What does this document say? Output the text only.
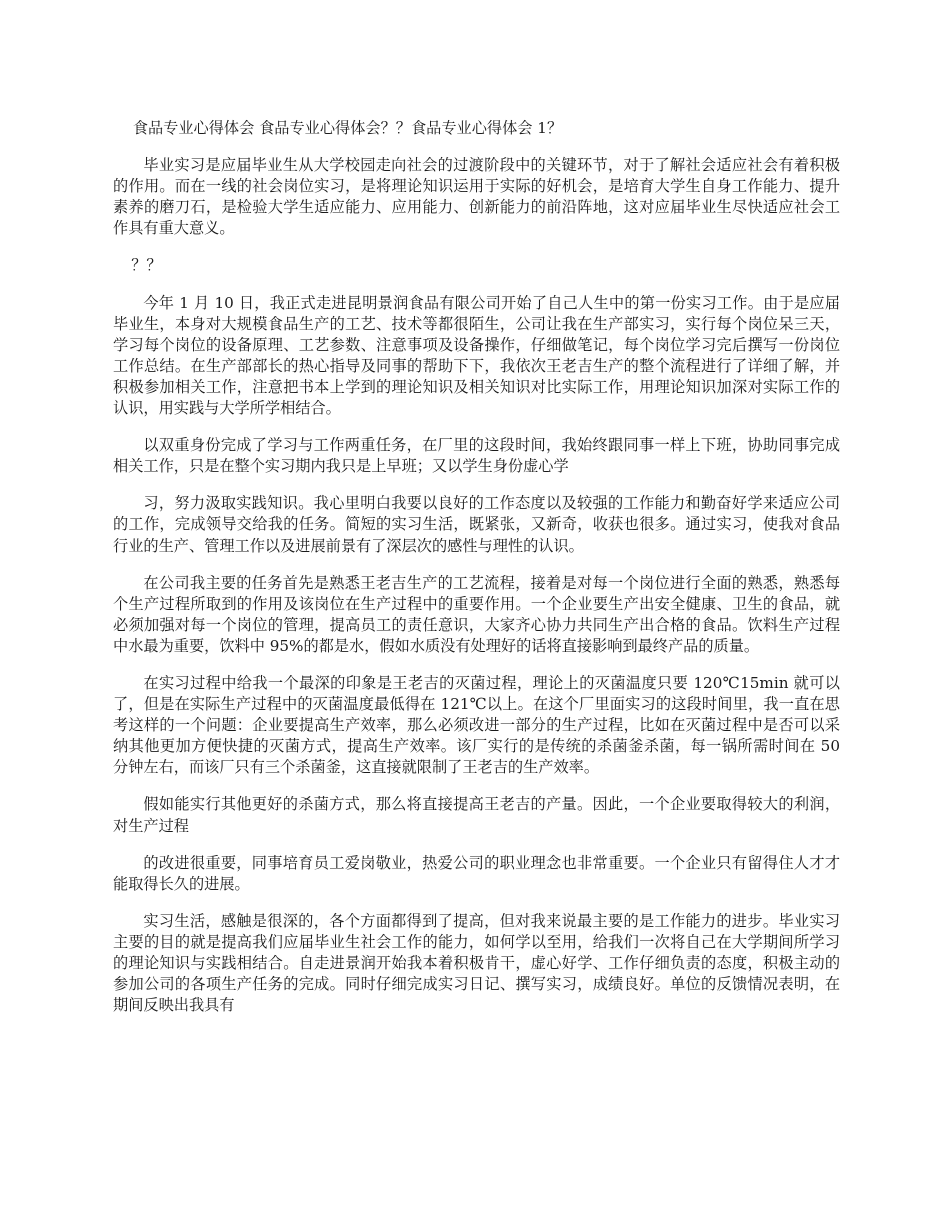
食品专业心得体会 食品专业心得体会？？食品专业心得体会 1？

毕业实习是应届毕业生从大学校园走向社会的过渡阶段中的关键环节，对于了解社会适应社会有着积极的作用。而在一线的社会岗位实习，是将理论知识运用于实际的好机会，是培育大学生自身工作能力、提升素养的磨刀石，是检验大学生适应能力、应用能力、创新能力的前沿阵地，这对应届毕业生尽快适应社会工作具有重大意义。

？？

今年 1 月 10 日，我正式走进昆明景润食品有限公司开始了自己人生中的第一份实习工作。由于是应届毕业生，本身对大规模食品生产的工艺、技术等都很陌生，公司让我在生产部实习，实行每个岗位呆三天，学习每个岗位的设备原理、工艺参数、注意事项及设备操作，仔细做笔记，每个岗位学习完后撰写一份岗位工作总结。在生产部部长的热心指导及同事的帮助下下，我依次王老吉生产的整个流程进行了详细了解，并积极参加相关工作，注意把书本上学到的理论知识及相关知识对比实际工作，用理论知识加深对实际工作的认识，用实践与大学所学相结合。

以双重身份完成了学习与工作两重任务，在厂里的这段时间，我始终跟同事一样上下班，协助同事完成相关工作，只是在整个实习期内我只是上早班；又以学生身份虚心学

习，努力汲取实践知识。我心里明白我要以良好的工作态度以及较强的工作能力和勤奋好学来适应公司的工作，完成领导交给我的任务。简短的实习生活，既紧张，又新奇，收获也很多。通过实习，使我对食品行业的生产、管理工作以及进展前景有了深层次的感性与理性的认识。

在公司我主要的任务首先是熟悉王老吉生产的工艺流程，接着是对每一个岗位进行全面的熟悉，熟悉每个生产过程所取到的作用及该岗位在生产过程中的重要作用。一个企业要生产出安全健康、卫生的食品，就必须加强对每一个岗位的管理，提高员工的责任意识，大家齐心协力共同生产出合格的食品。饮料生产过程中水最为重要，饮料中 95%的都是水，假如水质没有处理好的话将直接影响到最终产品的质量。

在实习过程中给我一个最深的印象是王老吉的灭菌过程，理论上的灭菌温度只要 120℃15min 就可以了，但是在实际生产过程中的灭菌温度最低得在 121℃以上。在这个厂里面实习的这段时间里，我一直在思考这样的一个问题：企业要提高生产效率，那么必须改进一部分的生产过程，比如在灭菌过程中是否可以采纳其他更加方便快捷的灭菌方式，提高生产效率。该厂实行的是传统的杀菌釜杀菌，每一锅所需时间在 50 分钟左右，而该厂只有三个杀菌釜，这直接就限制了王老吉的生产效率。

假如能实行其他更好的杀菌方式，那么将直接提高王老吉的产量。因此，一个企业要取得较大的利润，对生产过程

的改进很重要，同事培育员工爱岗敬业，热爱公司的职业理念也非常重要。一个企业只有留得住人才才能取得长久的进展。

实习生活，感触是很深的，各个方面都得到了提高，但对我来说最主要的是工作能力的进步。毕业实习主要的目的就是提高我们应届毕业生社会工作的能力，如何学以至用，给我们一次将自己在大学期间所学习的理论知识与实践相结合。自走进景润开始我本着积极肯干，虚心好学、工作仔细负责的态度，积极主动的参加公司的各项生产任务的完成。同时仔细完成实习日记、撰写实习，成绩良好。单位的反馈情况表明，在期间反映出我具有
